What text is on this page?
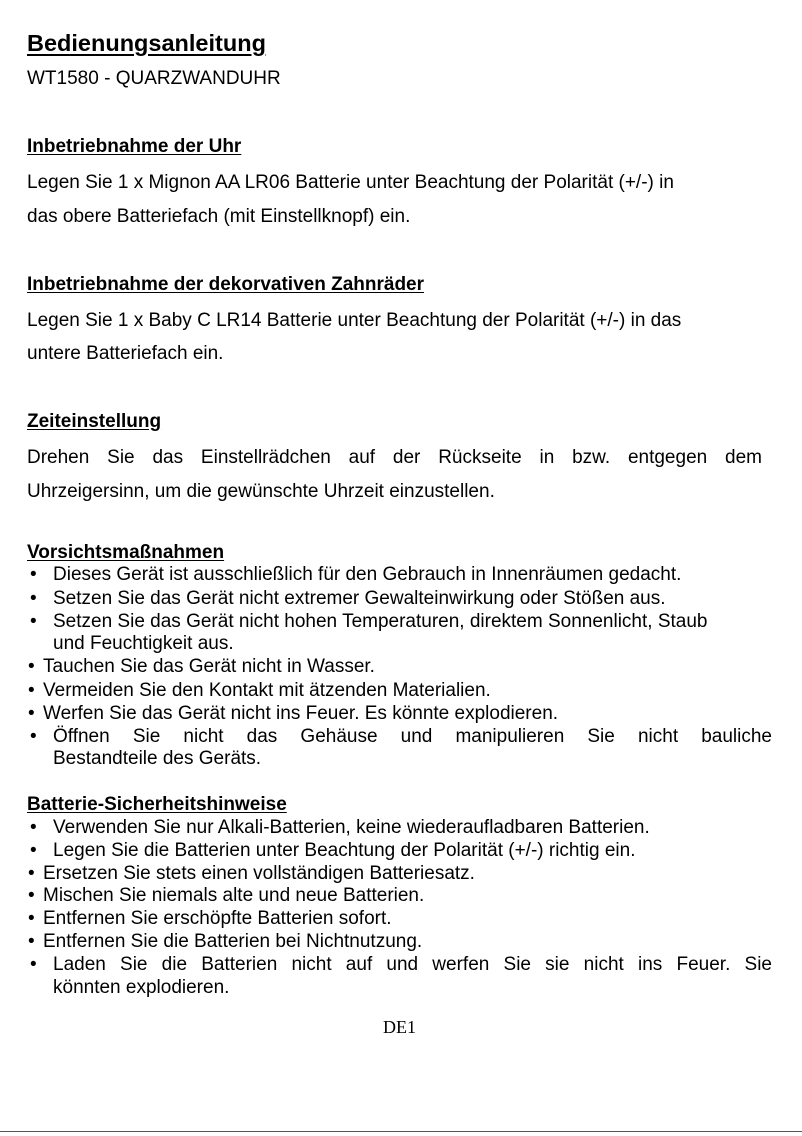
Bedienungsanleitung
WT1580 - QUARZWANDUHR
Inbetriebnahme der Uhr
Legen Sie 1 x Mignon AA LR06 Batterie unter Beachtung der Polarität (+/-) in
das obere Batteriefach (mit Einstellknopf) ein.
Inbetriebnahme der dekorvativen Zahnräder
Legen Sie 1 x Baby C LR14 Batterie unter Beachtung der Polarität (+/-) in das
untere Batteriefach ein.
Zeiteinstellung
Drehen Sie das Einstellrädchen auf der Rückseite in bzw. entgegen dem
Uhrzeigersinn, um die gewünschte Uhrzeit einzustellen.
Vorsichtsmaßnahmen
• Dieses Gerät ist ausschließlich für den Gebrauch in Innenräumen gedacht.
• Setzen Sie das Gerät nicht extremer Gewalteinwirkung oder Stößen aus.
• Setzen Sie das Gerät nicht hohen Temperaturen, direktem Sonnenlicht, Staub
und Feuchtigkeit aus.
• Tauchen Sie das Gerät nicht in Wasser.
• Vermeiden Sie den Kontakt mit ätzenden Materialien.
• Werfen Sie das Gerät nicht ins Feuer. Es könnte explodieren.
• Öffnen Sie nicht das Gehäuse und manipulieren Sie nicht bauliche
Bestandteile des Geräts.
Batterie-Sicherheitshinweise
• Verwenden Sie nur Alkali-Batterien, keine wiederaufladbaren Batterien.
• Legen Sie die Batterien unter Beachtung der Polarität (+/-) richtig ein.
• Ersetzen Sie stets einen vollständigen Batteriesatz.
• Mischen Sie niemals alte und neue Batterien.
• Entfernen Sie erschöpfte Batterien sofort.
• Entfernen Sie die Batterien bei Nichtnutzung.
• Laden Sie die Batterien nicht auf und werfen Sie sie nicht ins Feuer. Sie
könnten explodieren.
DE1
